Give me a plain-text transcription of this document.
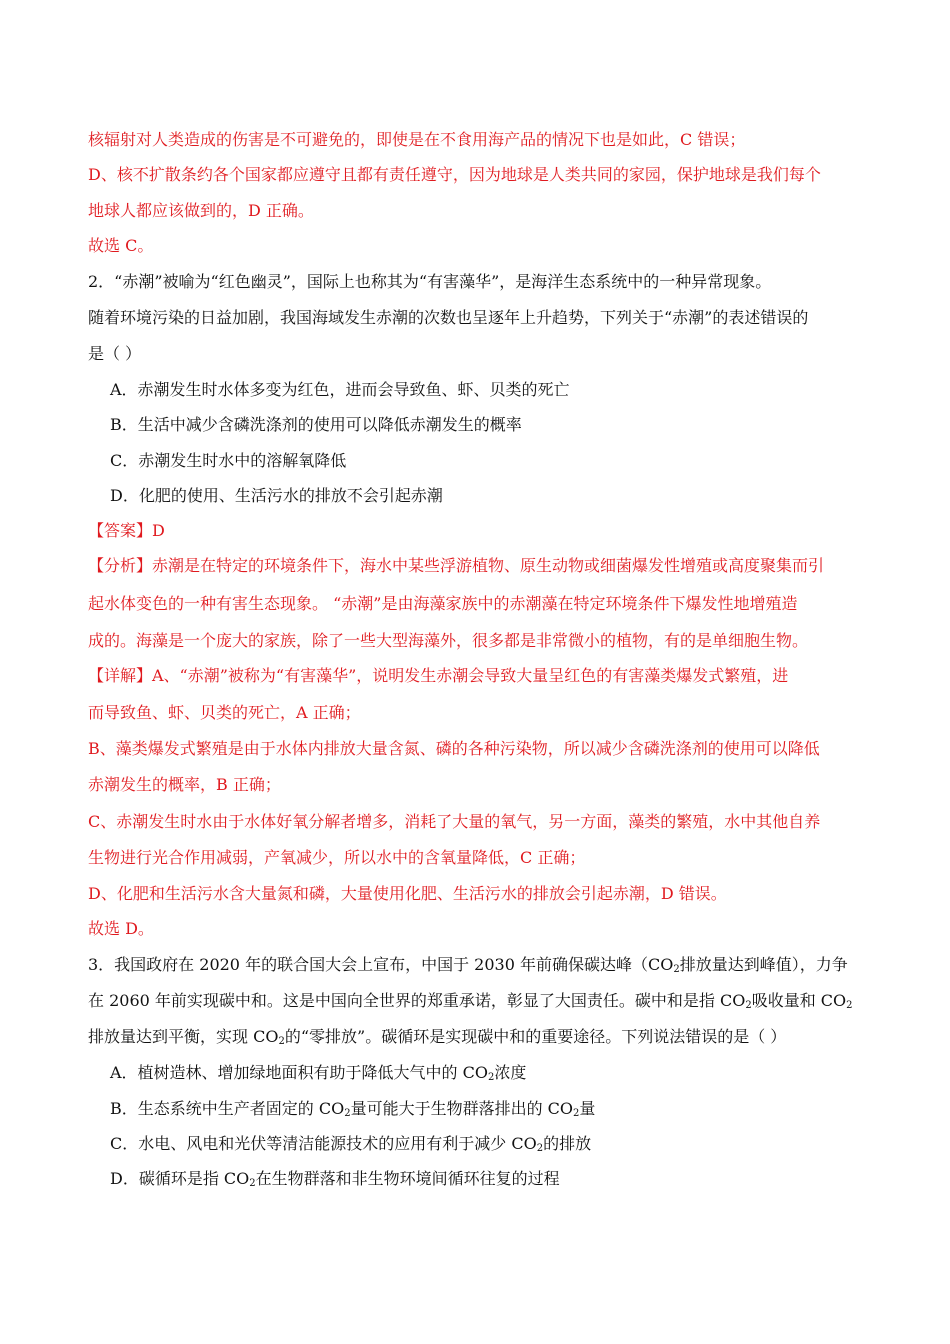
核辐射对人类造成的伤害是不可避免的，即使是在不食用海产品的情况下也是如此，C 错误；
D、核不扩散条约各个国家都应遵守且都有责任遵守，因为地球是人类共同的家园，保护地球是我们每个
地球人都应该做到的，D 正确。
故选 C。
2．“赤潮”被喻为“红色幽灵”，国际上也称其为“有害藻华”，是海洋生态系统中的一种异常现象。
随着环境污染的日益加剧，我国海域发生赤潮的次数也呈逐年上升趋势，下列关于“赤潮”的表述错误的
是（ ）
A．赤潮发生时水体多变为红色，进而会导致鱼、虾、贝类的死亡
B．生活中减少含磷洗涤剂的使用可以降低赤潮发生的概率
C．赤潮发生时水中的溶解氧降低
D．化肥的使用、生活污水的排放不会引起赤潮
【答案】D
【分析】赤潮是在特定的环境条件下，海水中某些浮游植物、原生动物或细菌爆发性增殖或高度聚集而引
起水体变色的一种有害生态现象。 “赤潮”是由海藻家族中的赤潮藻在特定环境条件下爆发性地增殖造
成的。海藻是一个庞大的家族，除了一些大型海藻外，很多都是非常微小的植物，有的是单细胞生物。
【详解】A、“赤潮”被称为“有害藻华”，说明发生赤潮会导致大量呈红色的有害藻类爆发式繁殖，进
而导致鱼、虾、贝类的死亡，A 正确；
B、藻类爆发式繁殖是由于水体内排放大量含氮、磷的各种污染物，所以减少含磷洗涤剂的使用可以降低
赤潮发生的概率，B 正确；
C、赤潮发生时水由于水体好氧分解者增多，消耗了大量的氧气，另一方面，藻类的繁殖，水中其他自养
生物进行光合作用减弱，产氧减少，所以水中的含氧量降低，C 正确；
D、化肥和生活污水含大量氮和磷，大量使用化肥、生活污水的排放会引起赤潮，D 错误。
故选 D。
3．我国政府在 2020 年的联合国大会上宣布，中国于 2030 年前确保碳达峰（$CO_2$排放量达到峰值），力争
在 2060 年前实现碳中和。这是中国向全世界的郑重承诺，彰显了大国责任。碳中和是指 $CO_2$吸收量和 $CO_2$
排放量达到平衡，实现 $CO_2$的“零排放”。碳循环是实现碳中和的重要途径。下列说法错误的是（ ）
A．植树造林、增加绿地面积有助于降低大气中的 $CO_2$浓度
B．生态系统中生产者固定的 $CO_2$量可能大于生物群落排出的 $CO_2$量
C．水电、风电和光伏等清洁能源技术的应用有利于减少 $CO_2$的排放
D．碳循环是指 $CO_2$在生物群落和非生物环境间循环往复的过程
